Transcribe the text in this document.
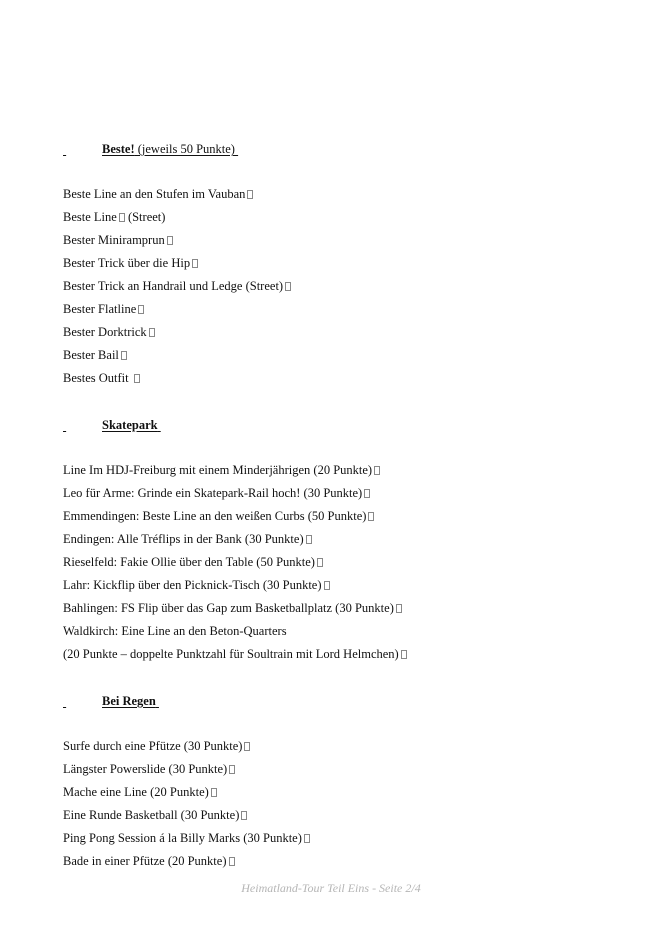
Beste! (jeweils 50 Punkte)
Beste Line an den Stufen im Vauban
Beste Line (Street)
Bester Miniramprun
Bester Trick über die Hip
Bester Trick an Handrail und Ledge (Street)
Bester Flatline
Bester Dorktrick
Bester Bail
Bestes Outfit
Skatepark
Line Im HDJ-Freiburg mit einem Minderjährigen (20 Punkte)
Leo für Arme: Grinde ein Skatepark-Rail hoch! (30 Punkte)
Emmendingen: Beste Line an den weißen Curbs (50 Punkte)
Endingen: Alle Tréflips in der Bank (30 Punkte)
Rieselfeld: Fakie Ollie über den Table (50 Punkte)
Lahr: Kickflip über den Picknick-Tisch (30 Punkte)
Bahlingen: FS Flip über das Gap zum Basketballplatz (30 Punkte)
Waldkirch: Eine Line an den Beton-Quarters
(20 Punkte – doppelte Punktzahl für Soultrain mit Lord Helmchen)
Bei Regen
Surfe durch eine Pfütze (30 Punkte)
Längster Powerslide (30 Punkte)
Mache eine Line (20 Punkte)
Eine Runde Basketball (30 Punkte)
Ping Pong Session á la Billy Marks (30 Punkte)
Bade in einer Pfütze (20 Punkte)
Heimatland-Tour Teil Eins - Seite 2/4
